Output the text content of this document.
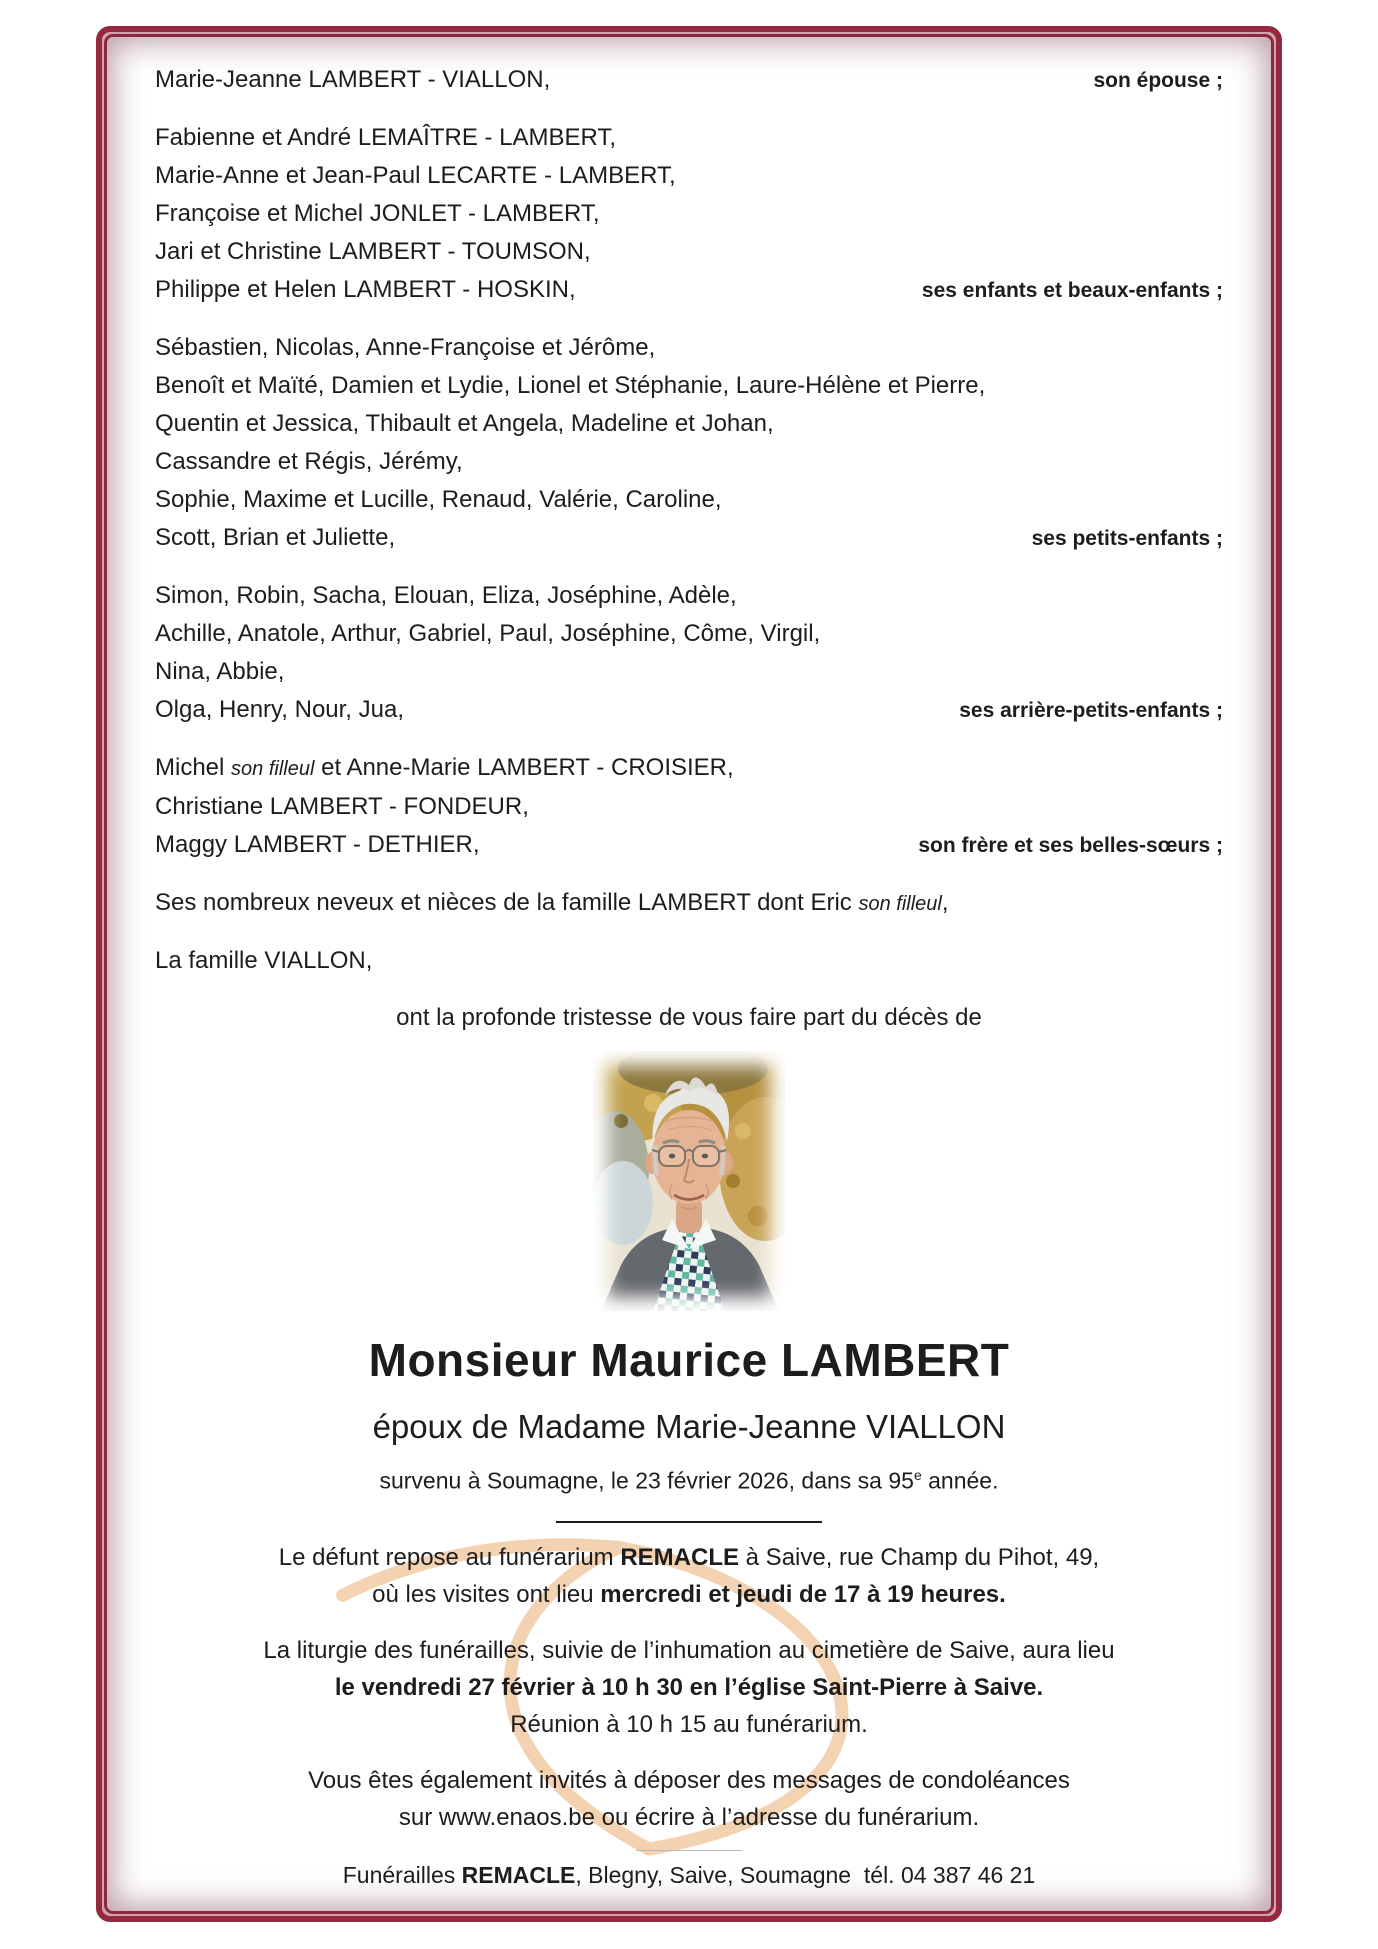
Marie-Jeanne LAMBERT - VIALLON,	son épouse ;
Fabienne et André LEMAÎTRE - LAMBERT,
Marie-Anne et Jean-Paul LECARTE - LAMBERT,
Françoise et Michel JONLET - LAMBERT,
Jari et Christine LAMBERT - TOUMSON,
Philippe et Helen LAMBERT - HOSKIN,	ses enfants et beaux-enfants ;
Sébastien, Nicolas, Anne-Françoise et Jérôme,
Benoît et Maïté, Damien et Lydie, Lionel et Stéphanie, Laure-Hélène et Pierre,
Quentin et Jessica, Thibault et Angela, Madeline et Johan,
Cassandre et Régis, Jérémy,
Sophie, Maxime et Lucille, Renaud, Valérie, Caroline,
Scott, Brian et Juliette,	ses petits-enfants ;
Simon, Robin, Sacha, Elouan, Eliza, Joséphine, Adèle,
Achille, Anatole, Arthur, Gabriel, Paul, Joséphine, Côme, Virgil,
Nina, Abbie,
Olga, Henry, Nour, Jua,	ses arrière-petits-enfants ;
Michel son filleul et Anne-Marie LAMBERT - CROISIER,
Christiane LAMBERT - FONDEUR,
Maggy LAMBERT - DETHIER,	son frère et ses belles-sœurs ;
Ses nombreux neveux et nièces de la famille LAMBERT dont Eric son filleul,
La famille VIALLON,
ont la profonde tristesse de vous faire part du décès de
Monsieur Maurice LAMBERT
époux de Madame Marie-Jeanne VIALLON
survenu à Soumagne, le 23 février 2026, dans sa 95e année.
Le défunt repose au funérarium REMACLE à Saive, rue Champ du Pihot, 49,
où les visites ont lieu mercredi et jeudi de 17 à 19 heures.
La liturgie des funérailles, suivie de l’inhumation au cimetière de Saive, aura lieu
le vendredi 27 février à 10 h 30 en l’église Saint-Pierre à Saive.
Réunion à 10 h 15 au funérarium.
Vous êtes également invités à déposer des messages de condoléances
sur www.enaos.be ou écrire à l’adresse du funérarium.
Funérailles REMACLE, Blegny, Saive, Soumagne  tél. 04 387 46 21
